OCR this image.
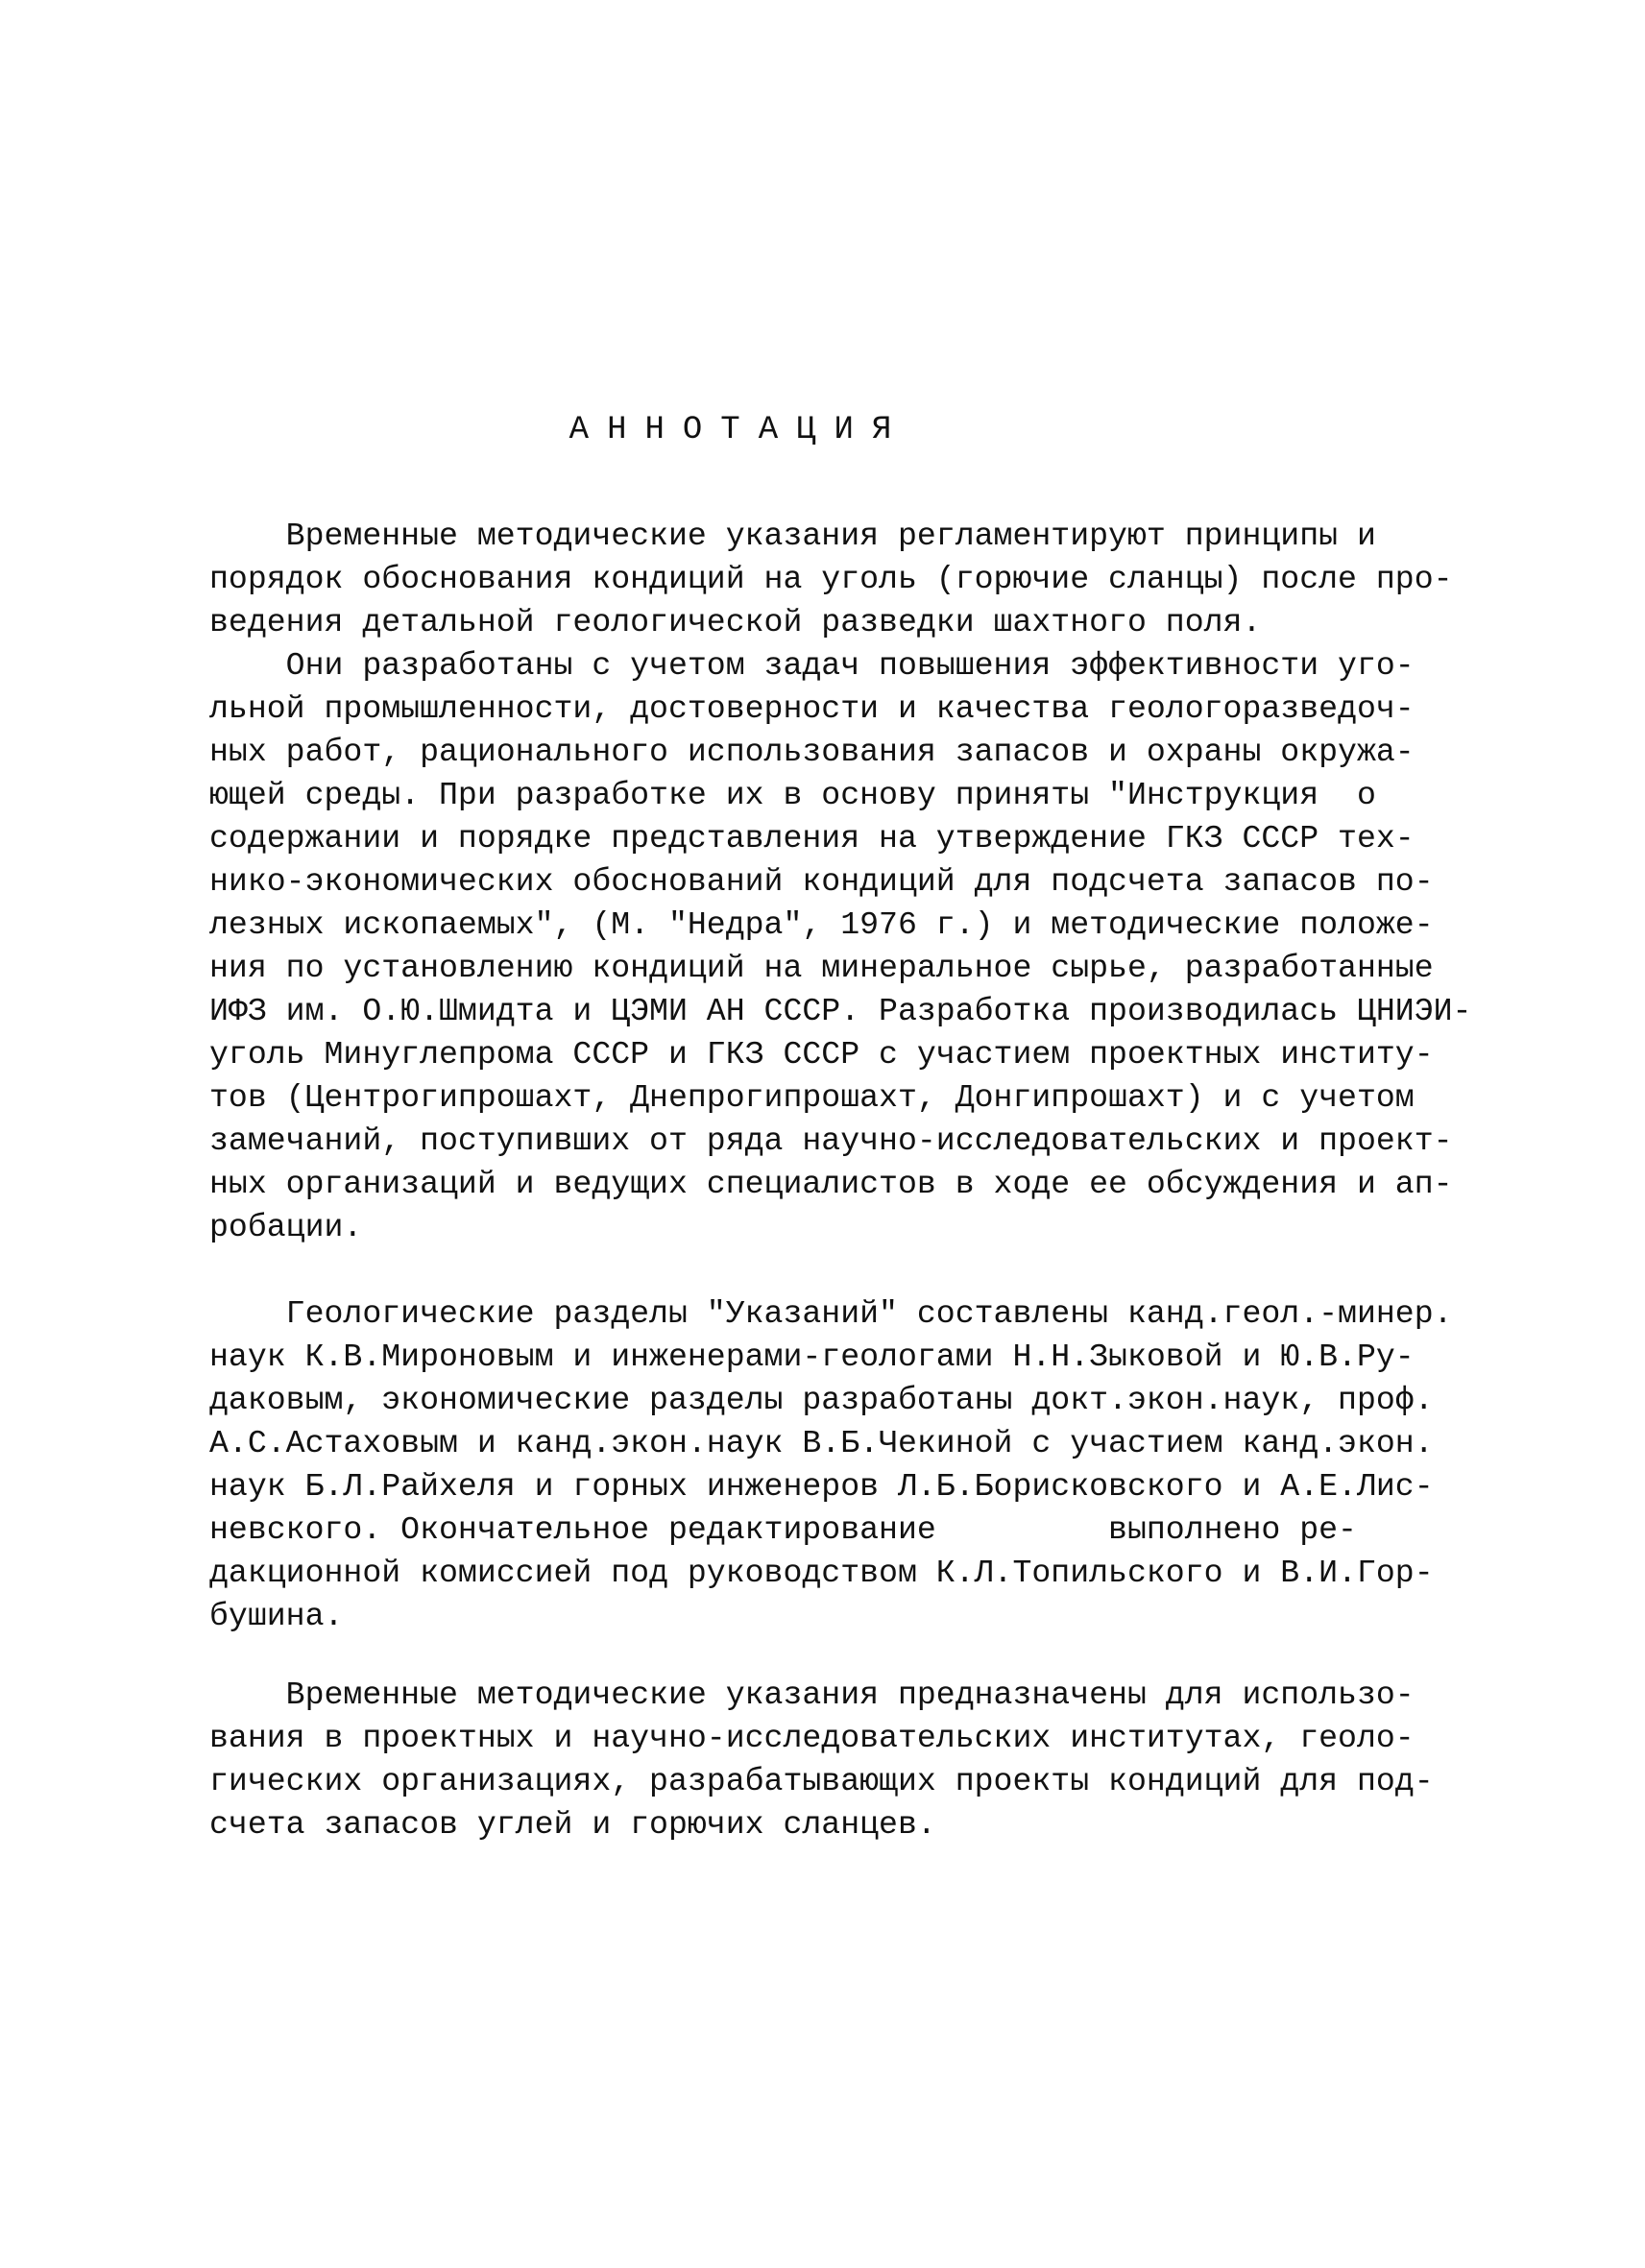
АННОТАЦИЯ
Временные методические указания регламентируют принципы и
порядок обоснования кондиций на уголь (горючие сланцы) после про-
ведения детальной геологической разведки шахтного поля.
Они разработаны с учетом задач повышения эффективности уго-
льной промышленности, достоверности и качества геологоразведоч-
ных работ, рационального использования запасов и охраны окружа-
ющей среды. При разработке их в основу приняты "Инструкция  о
содержании и порядке представления на утверждение ГКЗ СССР тех-
нико-экономических обоснований кондиций для подсчета запасов по-
лезных ископаемых", (М. "Недра", 1976 г.) и методические положе-
ния по установлению кондиций на минеральное сырье, разработанные
ИФЗ им. О.Ю.Шмидта и ЦЭМИ АН СССР. Разработка производилась ЦНИЭИ-
уголь Минуглепрома СССР и ГКЗ СССР с участием проектных институ-
тов (Центрогипрошахт, Днепрогипрошахт, Донгипрошахт) и с учетом
замечаний, поступивших от ряда научно-исследовательских и проект-
ных организаций и ведущих специалистов в ходе ее обсуждения и ап-
робации.
Геологические разделы "Указаний" составлены канд.геол.-минер.
наук К.В.Мироновым и инженерами-геологами Н.Н.Зыковой и Ю.В.Ру-
даковым, экономические разделы разработаны докт.экон.наук, проф.
А.С.Астаховым и канд.экон.наук В.Б.Чекиной с участием канд.экон.
наук Б.Л.Райхеля и горных инженеров Л.Б.Борисковского и А.Е.Лис-
невского. Окончательное редактирование         выполнено ре-
дакционной комиссией под руководством К.Л.Топильского и В.И.Гор-
бушина.
Временные методические указания предназначены для использо-
вания в проектных и научно-исследовательских институтах, геоло-
гических организациях, разрабатывающих проекты кондиций для под-
счета запасов углей и горючих сланцев.
